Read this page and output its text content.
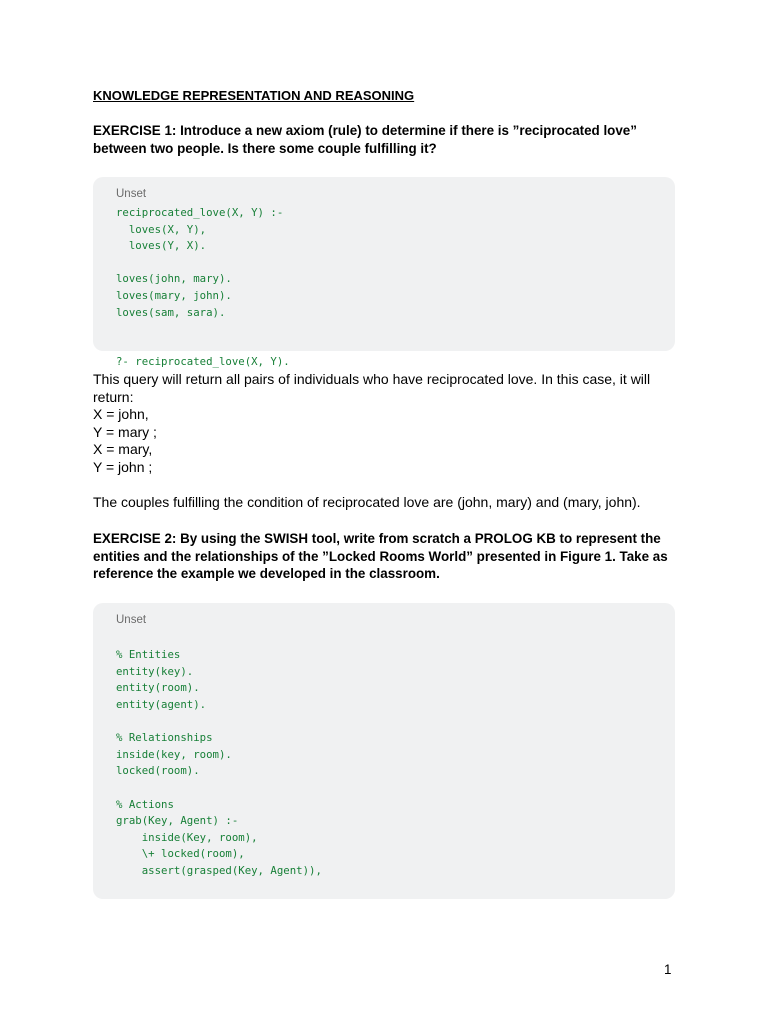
KNOWLEDGE REPRESENTATION AND REASONING
EXERCISE 1: Introduce a new axiom (rule) to determine if there is ”reciprocated love” between two people. Is there some couple fulfilling it?
Unset
reciprocated_love(X, Y) :-
loves(X, Y),
loves(Y, X).
loves(john, mary).
loves(mary, john).
loves(sam, sara).
?- reciprocated_love(X, Y).

This query will return all pairs of individuals who have reciprocated love. In this case, it will return:

X = john,

Y = mary ;

X = mary,

Y = john ;

The couples fulfilling the condition of reciprocated love are (john, mary) and (mary, john).

EXERCISE 2: By using the SWISH tool, write from scratch a PROLOG KB to represent the entities and the relationships of the ”Locked Rooms World” presented in Figure 1. Take as reference the example we developed in the classroom.
Unset
% Entities
entity(key).
entity(room).
entity(agent).
% Relationships
inside(key, room).
locked(room).
% Actions
grab(Key, Agent) :-
inside(Key, room),
\+ locked(room),
assert(grasped(Key, Agent)),
1
